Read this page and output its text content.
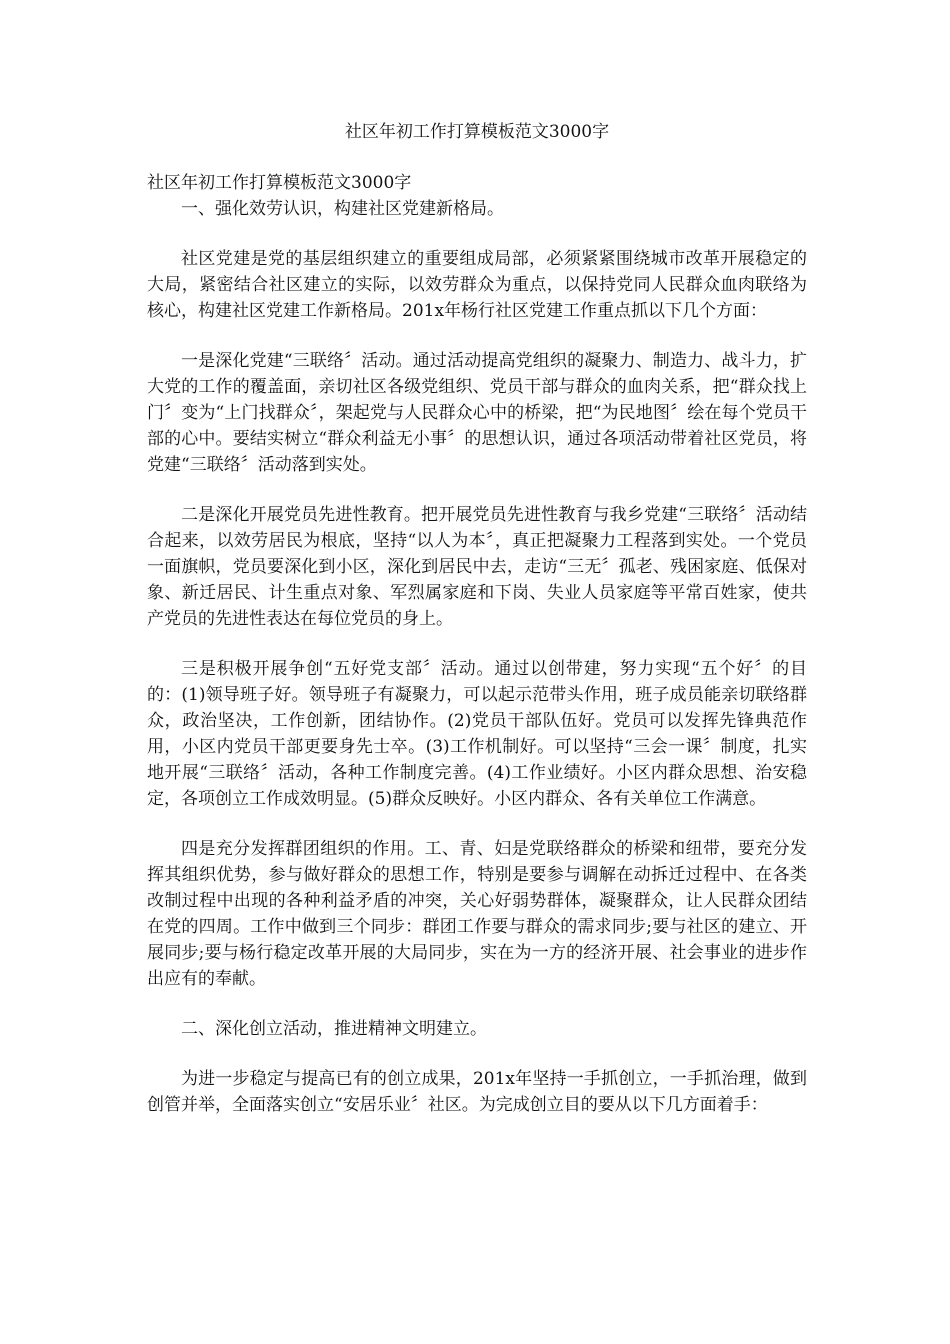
社区年初工作打算模板范文3000字

社区年初工作打算模板范文3000字

一、强化效劳认识，构建社区党建新格局。

社区党建是党的基层组织建立的重要组成局部，必须紧紧围绕城市改革开展稳定的大局，紧密结合社区建立的实际，以效劳群众为重点，以保持党同人民群众血肉联络为核心，构建社区党建工作新格局。201x年杨行社区党建工作重点抓以下几个方面：

一是深化党建“三联络〞活动。通过活动提高党组织的凝聚力、制造力、战斗力，扩大党的工作的覆盖面，亲切社区各级党组织、党员干部与群众的血肉关系，把“群众找上门〞变为“上门找群众〞，架起党与人民群众心中的桥梁，把“为民地图〞绘在每个党员干部的心中。要结实树立“群众利益无小事〞的思想认识，通过各项活动带着社区党员，将党建“三联络〞活动落到实处。

二是深化开展党员先进性教育。把开展党员先进性教育与我乡党建“三联络〞活动结合起来，以效劳居民为根底，坚持“以人为本〞，真正把凝聚力工程落到实处。一个党员一面旗帜，党员要深化到小区，深化到居民中去，走访“三无〞孤老、残困家庭、低保对象、新迁居民、计生重点对象、军烈属家庭和下岗、失业人员家庭等平常百姓家，使共产党员的先进性表达在每位党员的身上。

三是积极开展争创“五好党支部〞活动。通过以创带建，努力实现“五个好〞的目的：(1)领导班子好。领导班子有凝聚力，可以起示范带头作用，班子成员能亲切联络群众，政治坚决，工作创新，团结协作。(2)党员干部队伍好。党员可以发挥先锋典范作用，小区内党员干部更要身先士卒。(3)工作机制好。可以坚持“三会一课〞制度，扎实地开展“三联络〞活动，各种工作制度完善。(4)工作业绩好。小区内群众思想、治安稳定，各项创立工作成效明显。(5)群众反映好。小区内群众、各有关单位工作满意。

四是充分发挥群团组织的作用。工、青、妇是党联络群众的桥梁和纽带，要充分发挥其组织优势，参与做好群众的思想工作，特别是要参与调解在动拆迁过程中、在各类改制过程中出现的各种利益矛盾的冲突，关心好弱势群体，凝聚群众，让人民群众团结在党的四周。工作中做到三个同步：群团工作要与群众的需求同步;要与社区的建立、开展同步;要与杨行稳定改革开展的大局同步，实在为一方的经济开展、社会事业的进步作出应有的奉献。

二、深化创立活动，推进精神文明建立。

为进一步稳定与提高已有的创立成果，201x年坚持一手抓创立，一手抓治理，做到创管并举，全面落实创立“安居乐业〞社区。为完成创立目的要从以下几方面着手：
